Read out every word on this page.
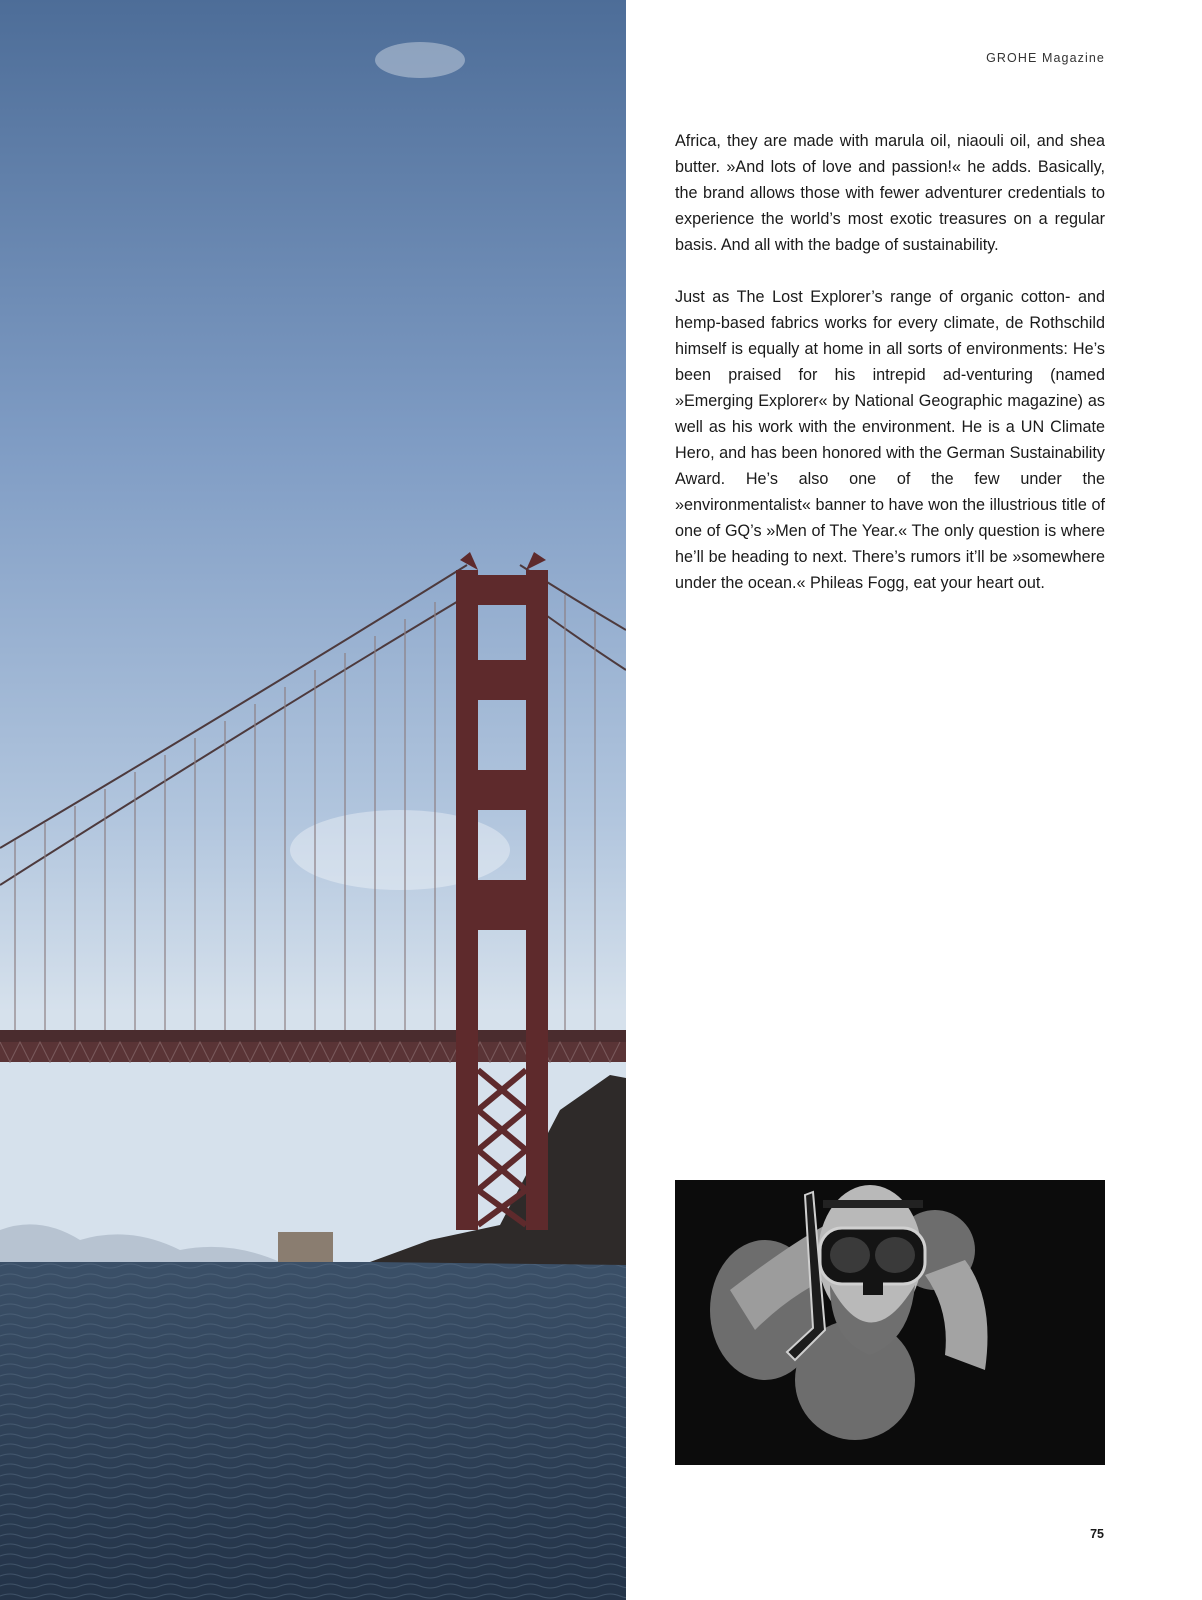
GROHE Magazine

Africa, they are made with marula oil, niaouli oil, and shea butter. »And lots of love and passion!« he adds. Basically, the brand allows those with fewer adventurer credentials to experience the world’s most exotic treasures on a regular basis. And all with the badge of sustainability.

Just as The Lost Explorer’s range of organic cotton- and hemp-based fabrics works for every climate, de Rothschild himself is equally at home in all sorts of environments: He’s been praised for his intrepid ad-venturing (named »Emerging Explorer« by National Geographic magazine) as well as his work with the environment. He is a UN Climate Hero, and has been honored with the German Sustainability Award. He’s also one of the few under the »environmentalist« banner to have won the illustrious title of one of GQ’s »Men of The Year.« The only question is where he’ll be heading to next. There’s rumors it’ll be »somewhere under the ocean.« Phileas Fogg, eat your heart out.

75
